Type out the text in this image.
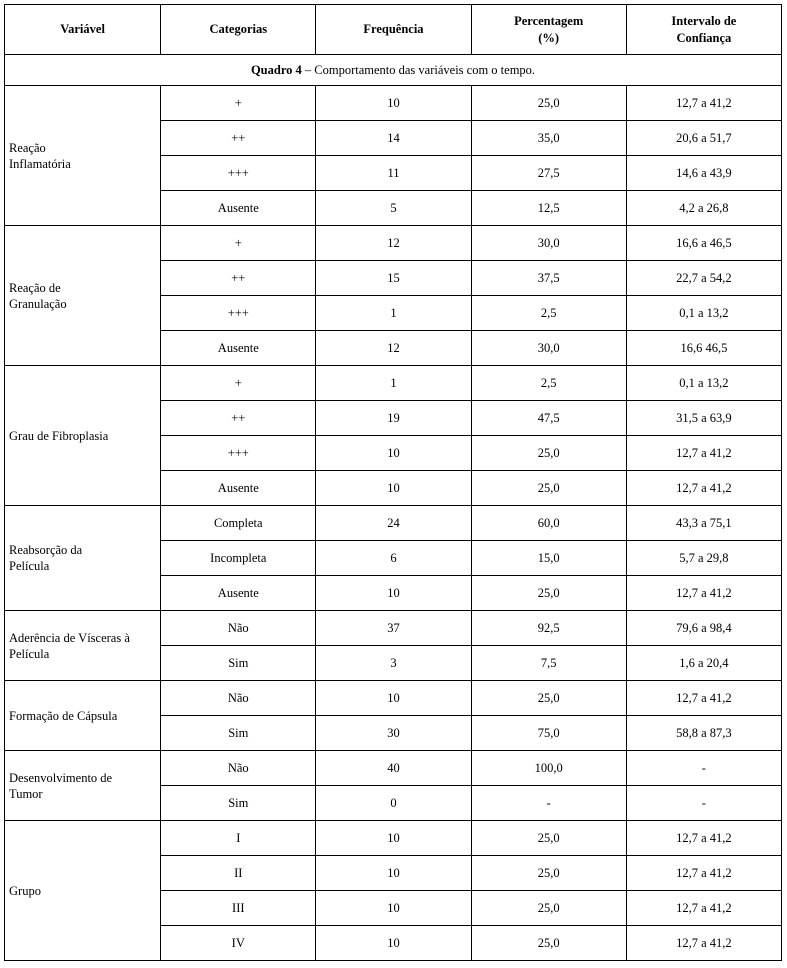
Quadro 4 – Comportamento das variáveis com o tempo.				
Variável	Categorias	Frequência	Percentagem (%)	Intervalo de Confiança
Reação Inflamatória	+	10	25,0	12,7 a 41,2
	++	14	35,0	20,6 a 51,7
	+++	11	27,5	14,6 a 43,9
	Ausente	5	12,5	4,2 a 26,8
Reação de Granulação	+	12	30,0	16,6 a 46,5
	++	15	37,5	22,7 a 54,2
	+++	1	2,5	0,1 a 13,2
	Ausente	12	30,0	16,6 46,5
Grau de Fibroplasia	+	1	2,5	0,1 a 13,2
	++	19	47,5	31,5 a 63,9
	+++	10	25,0	12,7 a 41,2
	Ausente	10	25,0	12,7 a 41,2
Reabsorção da Película	Completa	24	60,0	43,3 a 75,1
	Incompleta	6	15,0	5,7 a 29,8
	Ausente	10	25,0	12,7 a 41,2
Aderência de Vísceras à Película	Não	37	92,5	79,6 a 98,4
	Sim	3	7,5	1,6 a 20,4
Formação de Cápsula	Não	10	25,0	12,7 a 41,2
	Sim	30	75,0	58,8 a 87,3
Desenvolvimento de Tumor	Não	40	100,0	-
	Sim	0	-	-
Grupo	I	10	25,0	12,7 a 41,2
	II	10	25,0	12,7 a 41,2
	III	10	25,0	12,7 a 41,2
	IV	10	25,0	12,7 a 41,2
